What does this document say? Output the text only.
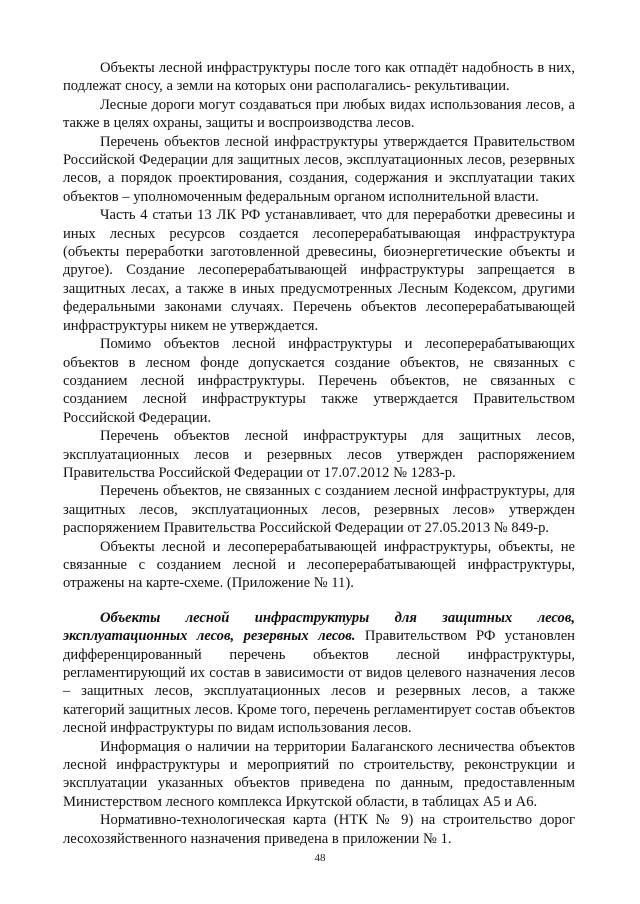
Объекты лесной инфраструктуры после того как отпадёт надобность в них, подлежат сносу, а земли на которых они располагались- рекультивации.

Лесные дороги могут создаваться при любых видах использования лесов, а также в целях охраны, защиты и воспроизводства лесов.

Перечень объектов лесной инфраструктуры утверждается Правительством Российской Федерации для защитных лесов, эксплуатационных лесов, резервных лесов, а порядок проектирования, создания, содержания и эксплуатации таких объектов – уполномоченным федеральным органом исполнительной власти.

Часть 4 статьи 13 ЛК РФ устанавливает, что для переработки древесины и иных лесных ресурсов создается лесоперерабатывающая инфраструктура (объекты переработки заготовленной древесины, биоэнергетические объекты и другое). Создание лесоперерабатывающей инфраструктуры запрещается в защитных лесах, а также в иных предусмотренных Лесным Кодексом, другими федеральными законами случаях. Перечень объектов лесоперерабатывающей инфраструктуры никем не утверждается.

Помимо объектов лесной инфраструктуры и лесоперерабатывающих объектов в лесном фонде допускается создание объектов, не связанных с созданием лесной инфраструктуры. Перечень объектов, не связанных с созданием лесной инфраструктуры также утверждается Правительством Российской Федерации.

Перечень объектов лесной инфраструктуры для защитных лесов, эксплуатационных лесов и резервных лесов утвержден распоряжением Правительства Российской Федерации от 17.07.2012 № 1283-р.

Перечень объектов, не связанных с созданием лесной инфраструктуры, для защитных лесов, эксплуатационных лесов, резервных лесов» утвержден распоряжением Правительства Российской Федерации от 27.05.2013 № 849-р.

Объекты лесной и лесоперерабатывающей инфраструктуры, объекты, не связанные с созданием лесной и лесоперерабатывающей инфраструктуры, отражены на карте-схеме. (Приложение № 11).

Объекты лесной инфраструктуры для защитных лесов, эксплуатационных лесов, резервных лесов. Правительством РФ установлен дифференцированный перечень объектов лесной инфраструктуры, регламентирующий их состав в зависимости от видов целевого назначения лесов – защитных лесов, эксплуатационных лесов и резервных лесов, а также категорий защитных лесов. Кроме того, перечень регламентирует состав объектов лесной инфраструктуры по видам использования лесов.

Информация о наличии на территории Балаганского лесничества объектов лесной инфраструктуры и мероприятий по строительству, реконструкции и эксплуатации указанных объектов приведена по данным, предоставленным Министерством лесного комплекса Иркутской области, в таблицах А5 и А6.

Нормативно-технологическая карта (НТК № 9) на строительство дорог лесохозяйственного назначения приведена в приложении № 1.

48
